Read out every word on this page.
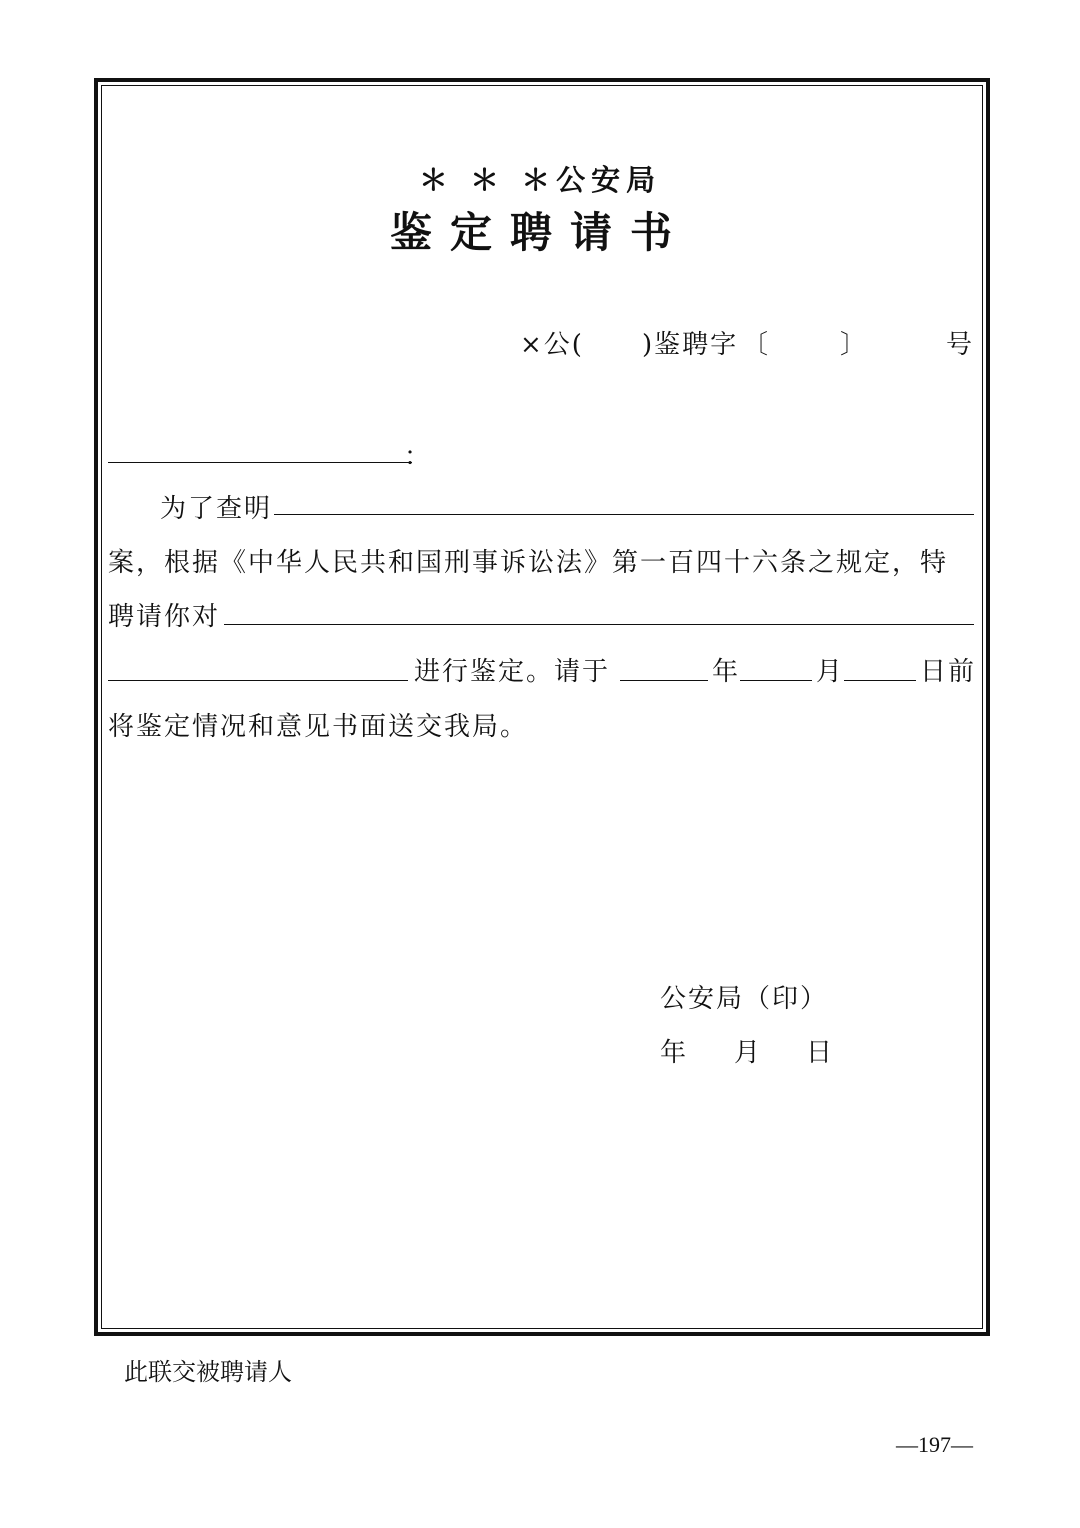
＊ ＊ ＊公安局
鉴定聘请书
×公( )鉴聘字 〔	〕	号
：
为了查明
案，根据《中华人民共和国刑事诉讼法》第一百四十六条之规定，特
聘请你对
进行鉴定。请于	年	月	日前
将鉴定情况和意见书面送交我局。
公安局（印）
年 月 日
此联交被聘请人
—197—
